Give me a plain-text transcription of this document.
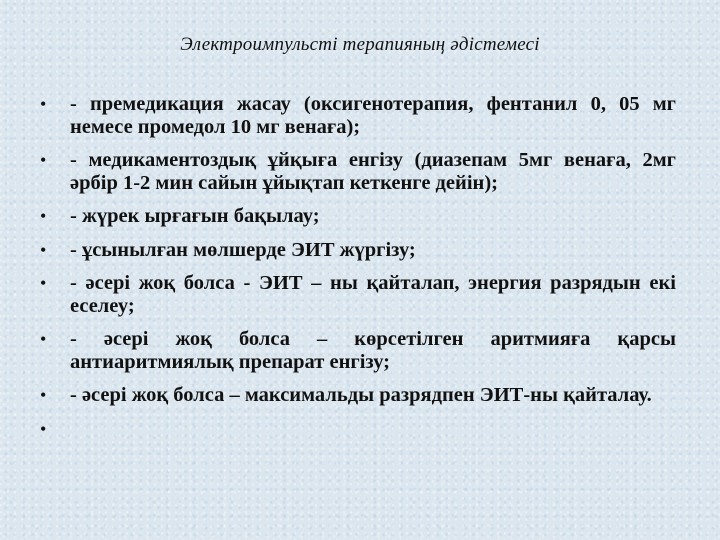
Электроимпульсті терапияның әдістемесі
•	- премедикация жасау (оксигенотерапия, фентанил 0, 05 мг немесе промедол 10 мг венаға);
•	- медикаментоздық ұйқыға енгізу (диазепам 5мг венаға, 2мг әрбір 1-2 мин сайын ұйықтап кеткенге дейін);
•	- жүрек ырғағын бақылау;
•	- ұсынылған мөлшерде ЭИТ жүргізу;
•	- әсері жоқ болса - ЭИТ – ны қайталап, энергия разрядын екі еселеу;
•	- әсері жоқ болса – көрсетілген аритмияға қарсы антиаритмиялық препарат енгізу;
•	- әсері жоқ болса – максимальды разрядпен ЭИТ-ны қайталау.
•
